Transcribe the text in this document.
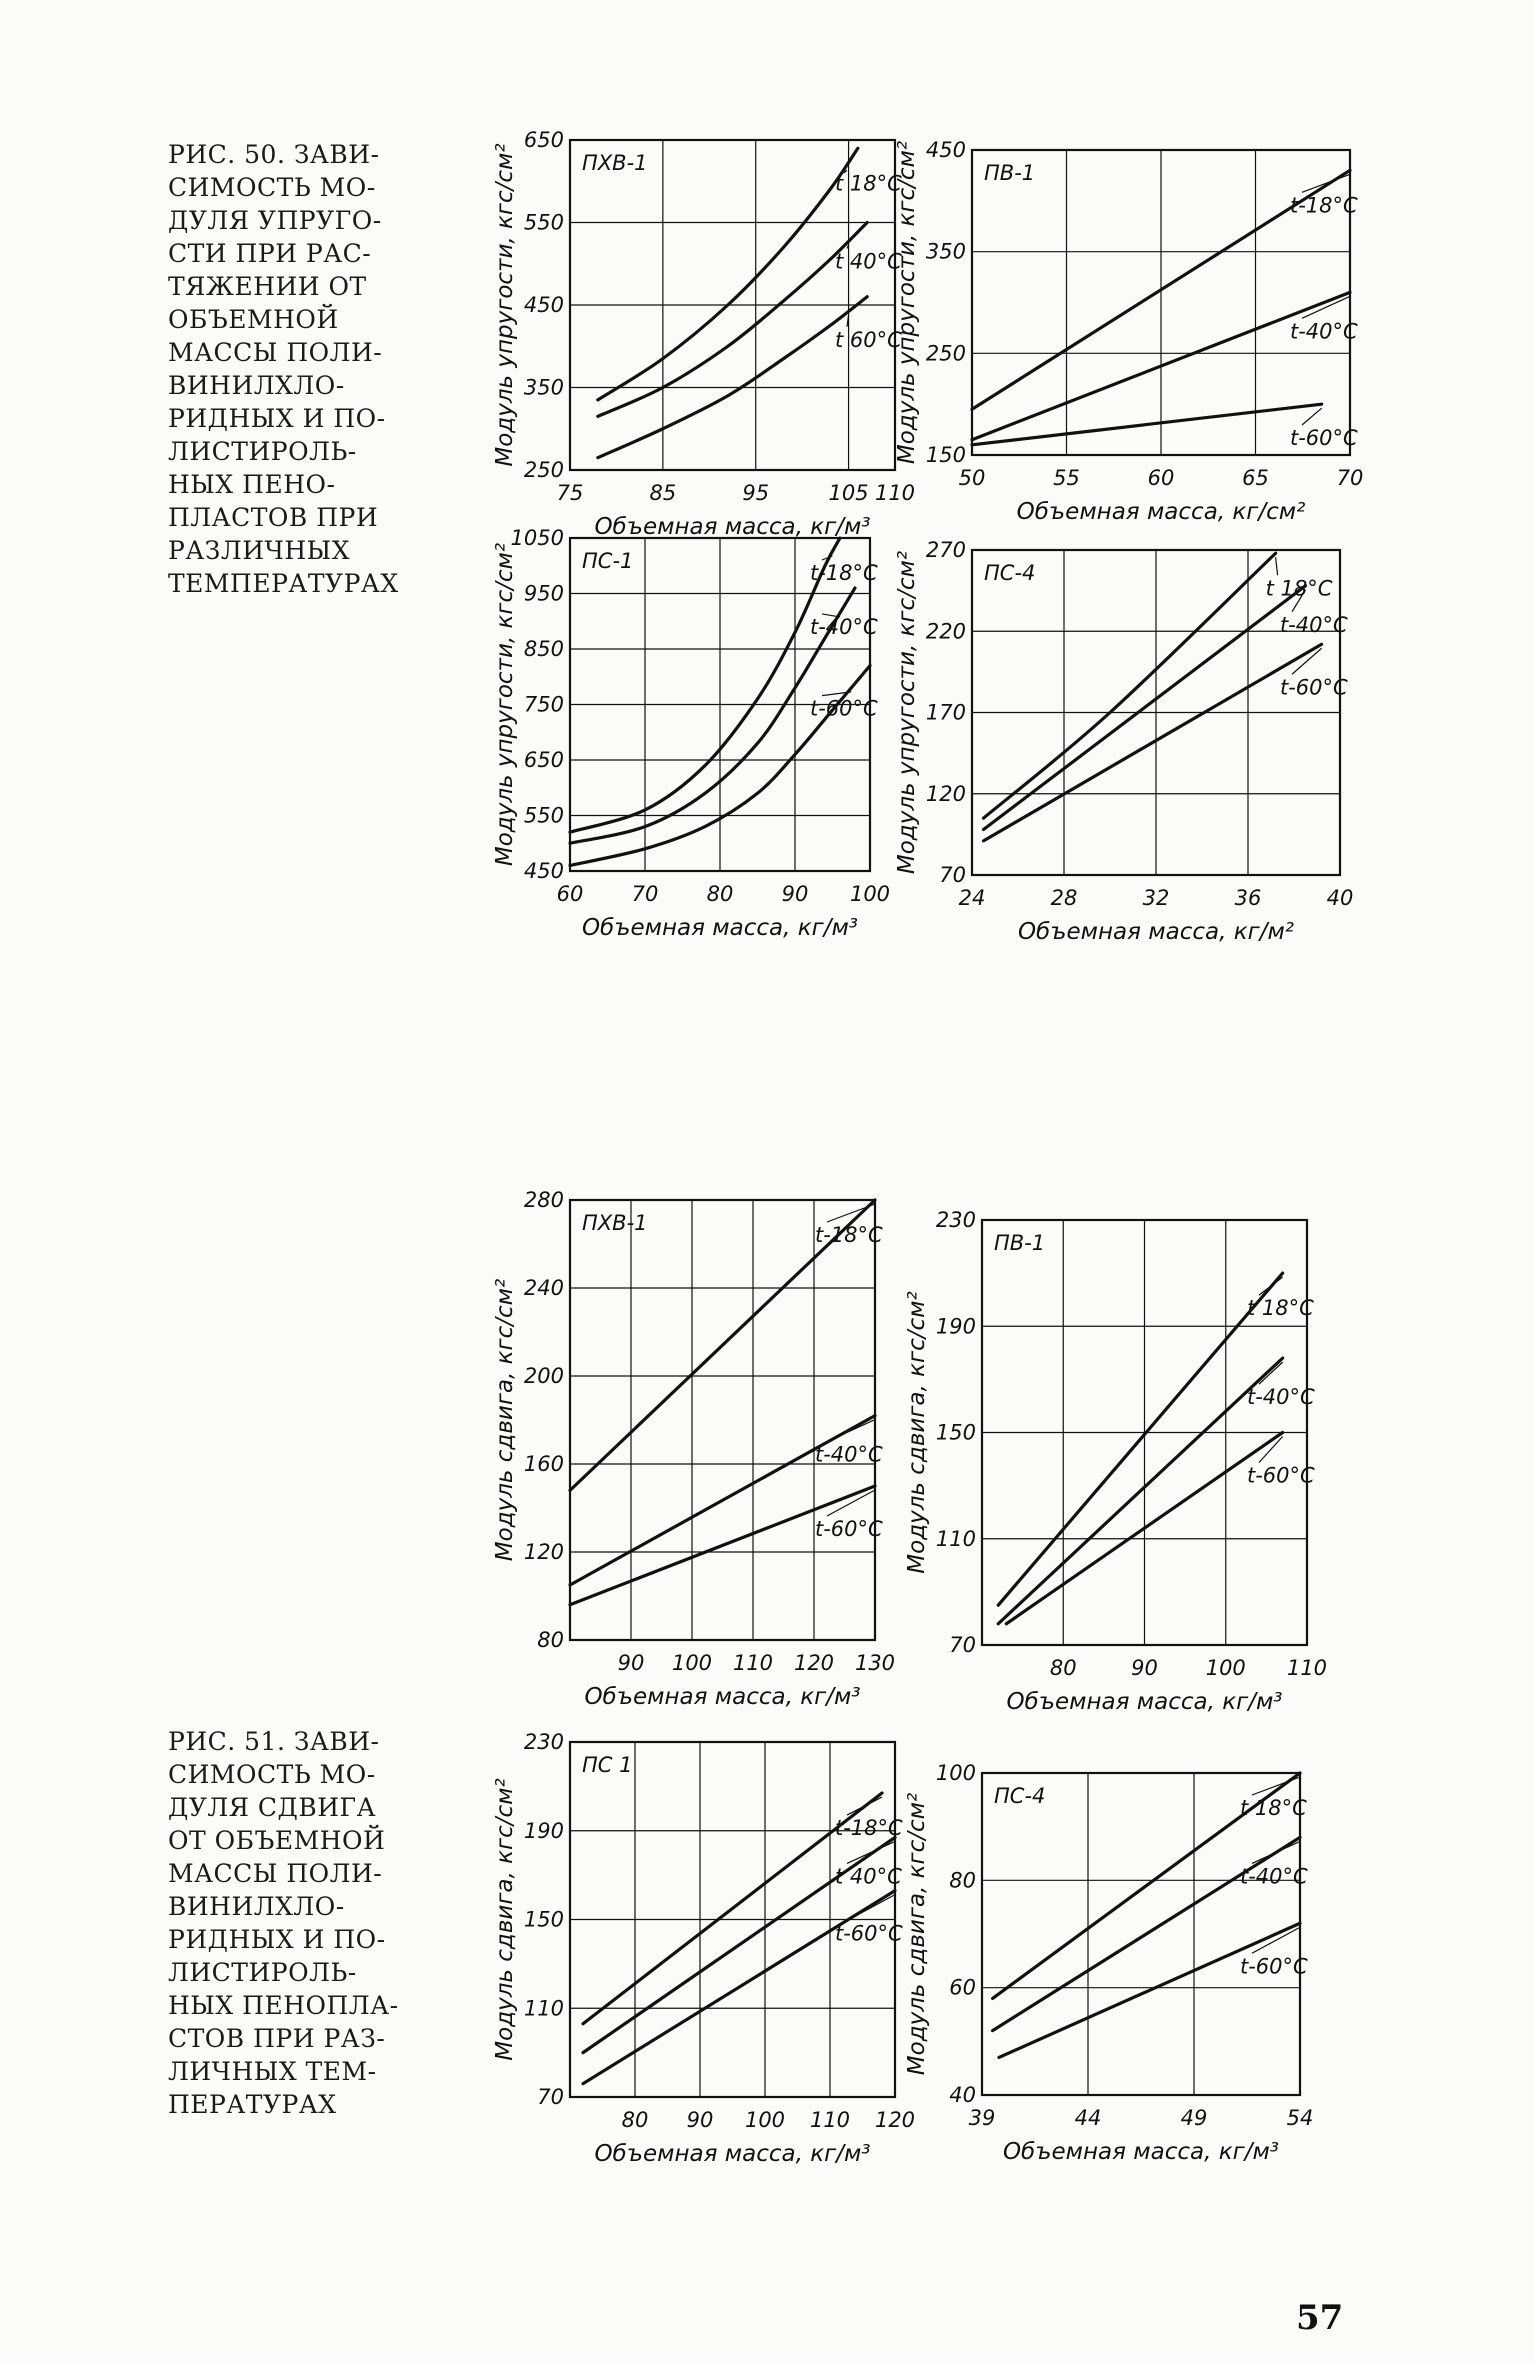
РИС. 50. ЗАВИ-
СИМОСТЬ МО-
ДУЛЯ УПРУГО-
СТИ ПРИ РАС-
ТЯЖЕНИИ ОТ
ОБЪЕМНОЙ
МАССЫ ПОЛИ-
ВИНИЛХЛО-
РИДНЫХ И ПО-
ЛИСТИРОЛЬ-
НЫХ ПЕНО-
ПЛАСТОВ ПРИ
РАЗЛИЧНЫХ
ТЕМПЕРАТУРАХ
РИС. 51. ЗАВИ-
СИМОСТЬ МО-
ДУЛЯ СДВИГА
ОТ ОБЪЕМНОЙ
МАССЫ ПОЛИ-
ВИНИЛХЛО-
РИДНЫХ И ПО-
ЛИСТИРОЛЬ-
НЫХ ПЕНОПЛА-
СТОВ ПРИ РАЗ-
ЛИЧНЫХ ТЕМ-
ПЕРАТУРАХ
75	85	95	105 110
250
350
450
550
650
Объемная масса, кг/м³
Модуль упругости, кгс/см²	ПХВ-1
t 18°C
t 40°C
t 60°C
50	55	60	65	70
150
250
350
450
Объемная масса, кг/см²
Модуль упругости, кгс/см²	ПВ-1
t-18°C
t-40°C
t-60°C
60 70 80 90 100
450
550
650
750
850
950
1050
Объемная масса, кг/м³
Модуль упругости, кгс/см²	ПС-1	t-18°C
t-40°C
t-60°C
24	28	32	36	40
70
120
170
220
270
Объемная масса, кг/м²
Модуль упругости, кгс/см²	ПС-4
t 18°C
t-40°C
t-60°C
90 100 110 120 130
80
120
160
200
240
280
Объемная масса, кг/м³
Модуль сдвига, кгс/см²
ПХВ-1	t-18°C
t-40°C
t-60°C
80	90 100 110
70
110
150
190
230
Объемная масса, кг/м³
Модуль сдвига, кгс/см²
ПВ-1
t 18°C
t-40°C
t-60°C
80 90 100 110 120
70
110
150
190
230
Объемная масса, кг/м³
Модуль сдвига, кгс/см²
ПС 1
t-18°C
t 40°C
t-60°C
39	44	49	54
40
60
80
100
Объемная масса, кг/м³
Модуль сдвига, кгс/см²	ПС-4	t 18°C
t-40°C
t-60°C
57
